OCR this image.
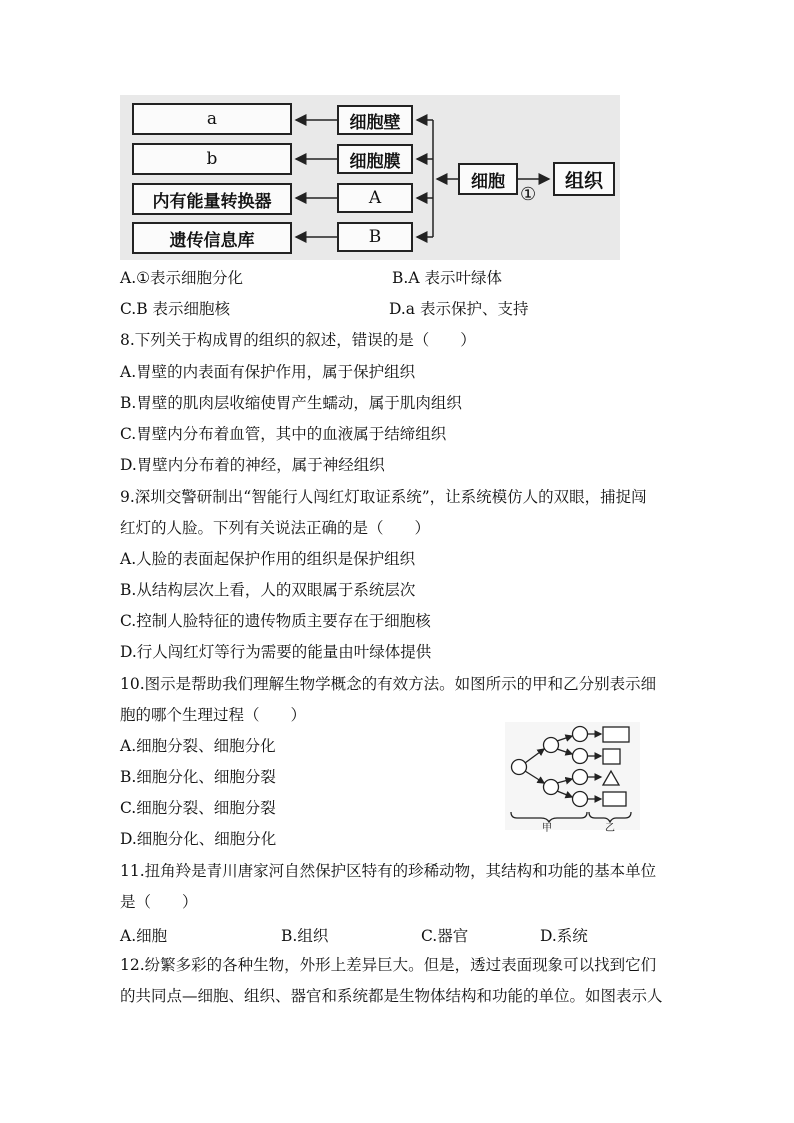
a
b
内有能量转换器
遗传信息库
细胞壁
细胞膜
A
B
细胞
①
组织
A.①表示细胞分化	B.A 表示叶绿体
C.B 表示细胞核	D.a 表示保护、支持
8.下列关于构成胃的组织的叙述，错误的是（　　）
A.胃壁的内表面有保护作用，属于保护组织
B.胃壁的肌肉层收缩使胃产生蠕动，属于肌肉组织
C.胃壁内分布着血管，其中的血液属于结缔组织
D.胃壁内分布着的神经，属于神经组织
9.深圳交警研制出“智能行人闯红灯取证系统”，让系统模仿人的双眼，捕捉闯
红灯的人脸。下列有关说法正确的是（　　）
A.人脸的表面起保护作用的组织是保护组织
B.从结构层次上看，人的双眼属于系统层次
C.控制人脸特征的遗传物质主要存在于细胞核
D.行人闯红灯等行为需要的能量由叶绿体提供
10.图示是帮助我们理解生物学概念的有效方法。如图所示的甲和乙分别表示细
胞的哪个生理过程（　　）
A.细胞分裂、细胞分化
B.细胞分化、细胞分裂
C.细胞分裂、细胞分裂
D.细胞分化、细胞分化
甲	乙
11.扭角羚是青川唐家河自然保护区特有的珍稀动物，其结构和功能的基本单位
是（　　）
A.细胞	B.组织	C.器官	D.系统
12.纷繁多彩的各种生物，外形上差异巨大。但是，透过表面现象可以找到它们
的共同点—细胞、组织、器官和系统都是生物体结构和功能的单位。如图表示人
